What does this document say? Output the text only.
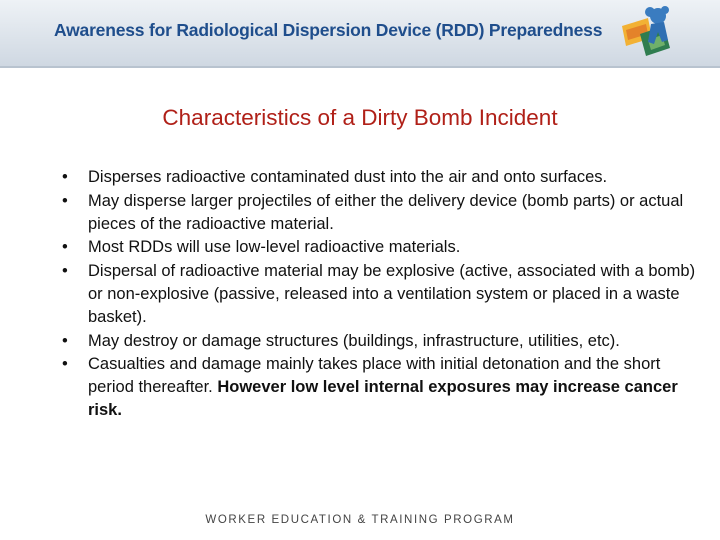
Awareness for Radiological Dispersion Device (RDD) Preparedness
Characteristics of a Dirty Bomb Incident
• Disperses radioactive contaminated dust into the air and onto surfaces.
• May disperse larger projectiles of either the delivery device (bomb parts) or actual pieces of the radioactive material.
• Most RDDs will use low-level radioactive materials.
• Dispersal of radioactive material may be explosive (active, associated with a bomb) or non-explosive (passive, released into a ventilation system or placed in a waste basket).
• May destroy or damage structures (buildings, infrastructure, utilities, etc).
• Casualties and damage mainly takes place with initial detonation and the short period thereafter. However low level internal exposures may increase cancer risk.
WORKER EDUCATION & TRAINING PROGRAM
